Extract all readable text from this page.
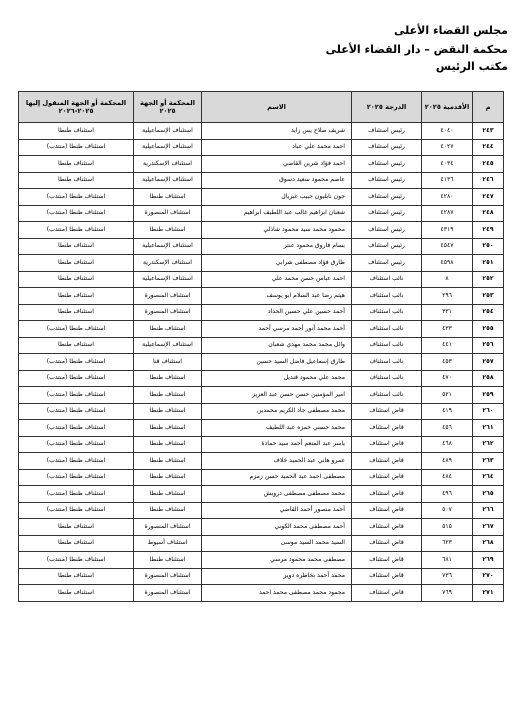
مجلس القضاء الأعلى
محكمة النقض – دار القضاء الأعلى
مكتب الرئيس
م	الأقدمية ٢٠٢٥	الدرجة ٢٠٢٥	الاسم	المحكمة أو الجهة ٢٠٢٥	المحكمة أو الجهة المنقول إليها ٢٠٢٥-٢٠٢٦
٢٤٣	٤٠٤٠	رئيس استئناف	شريف صلاح يس زايد	استئناف الإسماعيلية	استئناف طنطا
٢٤٤	٤٠٢٧	رئيس استئناف	احمد محمد علي عباد	استئناف الإسماعيلية	استئناف طنطا (منتدب)
٢٤٥	٤٠٣٤	رئيس استئناف	احمد فؤاد شرين القاضي	استئناف الإسكندرية	استئناف طنطا
٢٤٦	٤١٣٦	رئيس استئناف	عاصم محمود سعيد دسوق	استئناف الإسماعيلية	استئناف طنطا
٢٤٧	٤٢٨٠	رئيس استئناف	جون نابليون حبيب غبريال	استئناف طنطا	استئناف طنطا (منتدب)
٢٤٨	٤٢٨٧	رئيس استئناف	شعبان ابراهيم غالب عبد اللطيف ابراهيم	استئناف المنصورة	استئناف طنطا (منتدب)
٢٤٩	٤٣١٩	رئيس استئناف	محمود محمد سيد محمود شاذلي	استئناف طنطا	استئناف طنطا (منتدب)
٢٥٠	٤٥٤٧	رئيس استئناف	بسام فاروق محمود عنتر	استئناف الإسماعيلية	استئناف طنطا
٢٥١	٤٥٩٨	رئيس استئناف	طارق فؤاد مصطفى شرابي	استئناف الإسكندرية	استئناف طنطا
٢٥٢	٨	نائب استئناف	احمد عباس حسن محمد علي	استئناف الإسماعيلية	استئناف طنطا
٢٥٣	٢٩٦	نائب استئناف	هيثم رضا عبد السلام ابو يوسف	استئناف المنصورة	استئناف طنطا
٢٥٤	٣٣١	نائب استئناف	أحمد حسين علي حسين الحداد	استئناف المنصورة	استئناف طنطا
٢٥٥	٤٣٣	نائب استئناف	أحمد محمد أنور أحمد مرسي أحمد	استئناف طنطا	استئناف طنطا (منتدب)
٢٥٦	٤٤١	نائب استئناف	وائل محمد محمد مهدي شعبان	استئناف الإسماعيلية	استئناف طنطا
٢٥٧	٤٥٣	نائب استئناف	طارق إسماعيل فاضل السيد حسين	استئناف قنا	استئناف طنطا (منتدب)
٢٥٨	٤٧٠	نائب استئناف	محمد علي محمود قنديل	استئناف طنطا	استئناف طنطا (منتدب)
٢٥٩	٥٢١	نائب استئناف	امير المؤمنين حسن حسن عبد العزيز	استئناف طنطا	استئناف طنطا (منتدب)
٢٦٠	٤١٩	قاض استئناف	محمد مصطفى جاد الكريم محمدين	استئناف طنطا	استئناف طنطا (منتدب)
٢٦١	٤٥٦	قاض استئناف	محمد حسني حمزه عبد اللطيف	استئناف طنطا	استئناف طنطا (منتدب)
٢٦٢	٤٦٨	قاض استئناف	ياسر عبد المنعم أحمد سيد حمادة	استئناف طنطا	استئناف طنطا (منتدب)
٢٦٣	٤٨٩	قاض استئناف	عمرو هاني عبد الحميد خلاف	استئناف طنطا	استئناف طنطا (منتدب)
٢٦٤	٤٨٤	قاض استئناف	مصطفى احمد عبد الحميد حسن زمزم	استئناف طنطا	استئناف طنطا (منتدب)
٢٦٥	٤٩٦	قاض استئناف	محمد مصطفى مصطفى درويش	استئناف طنطا	استئناف طنطا (منتدب)
٢٦٦	٥٠٧	قاض استئناف	أحمد منصور أحمد القاضي	استئناف طنطا	استئناف طنطا (منتدب)
٢٦٧	٥١٥	قاض استئناف	أحمد مصطفى محمد الكوني	استئناف المنصورة	استئناف طنطا
٢٦٨	٦٢٣	قاض استئناف	السيد محمد السيد موسى	استئناف أسيوط	استئناف طنطا
٢٦٩	٦٨١	قاض استئناف	مصطفى محمد محمود مرسي	استئناف طنطا	استئناف طنطا (منتدب)
٢٧٠	٧٣٦	قاض استئناف	محمد أحمد بخاطره دوير	استئناف المنصورة	استئناف طنطا
٢٧١	٧٦٩	قاض استئناف	محمود محمد مصطفى محمد احمد	استئناف المنصورة	استئناف طنطا
